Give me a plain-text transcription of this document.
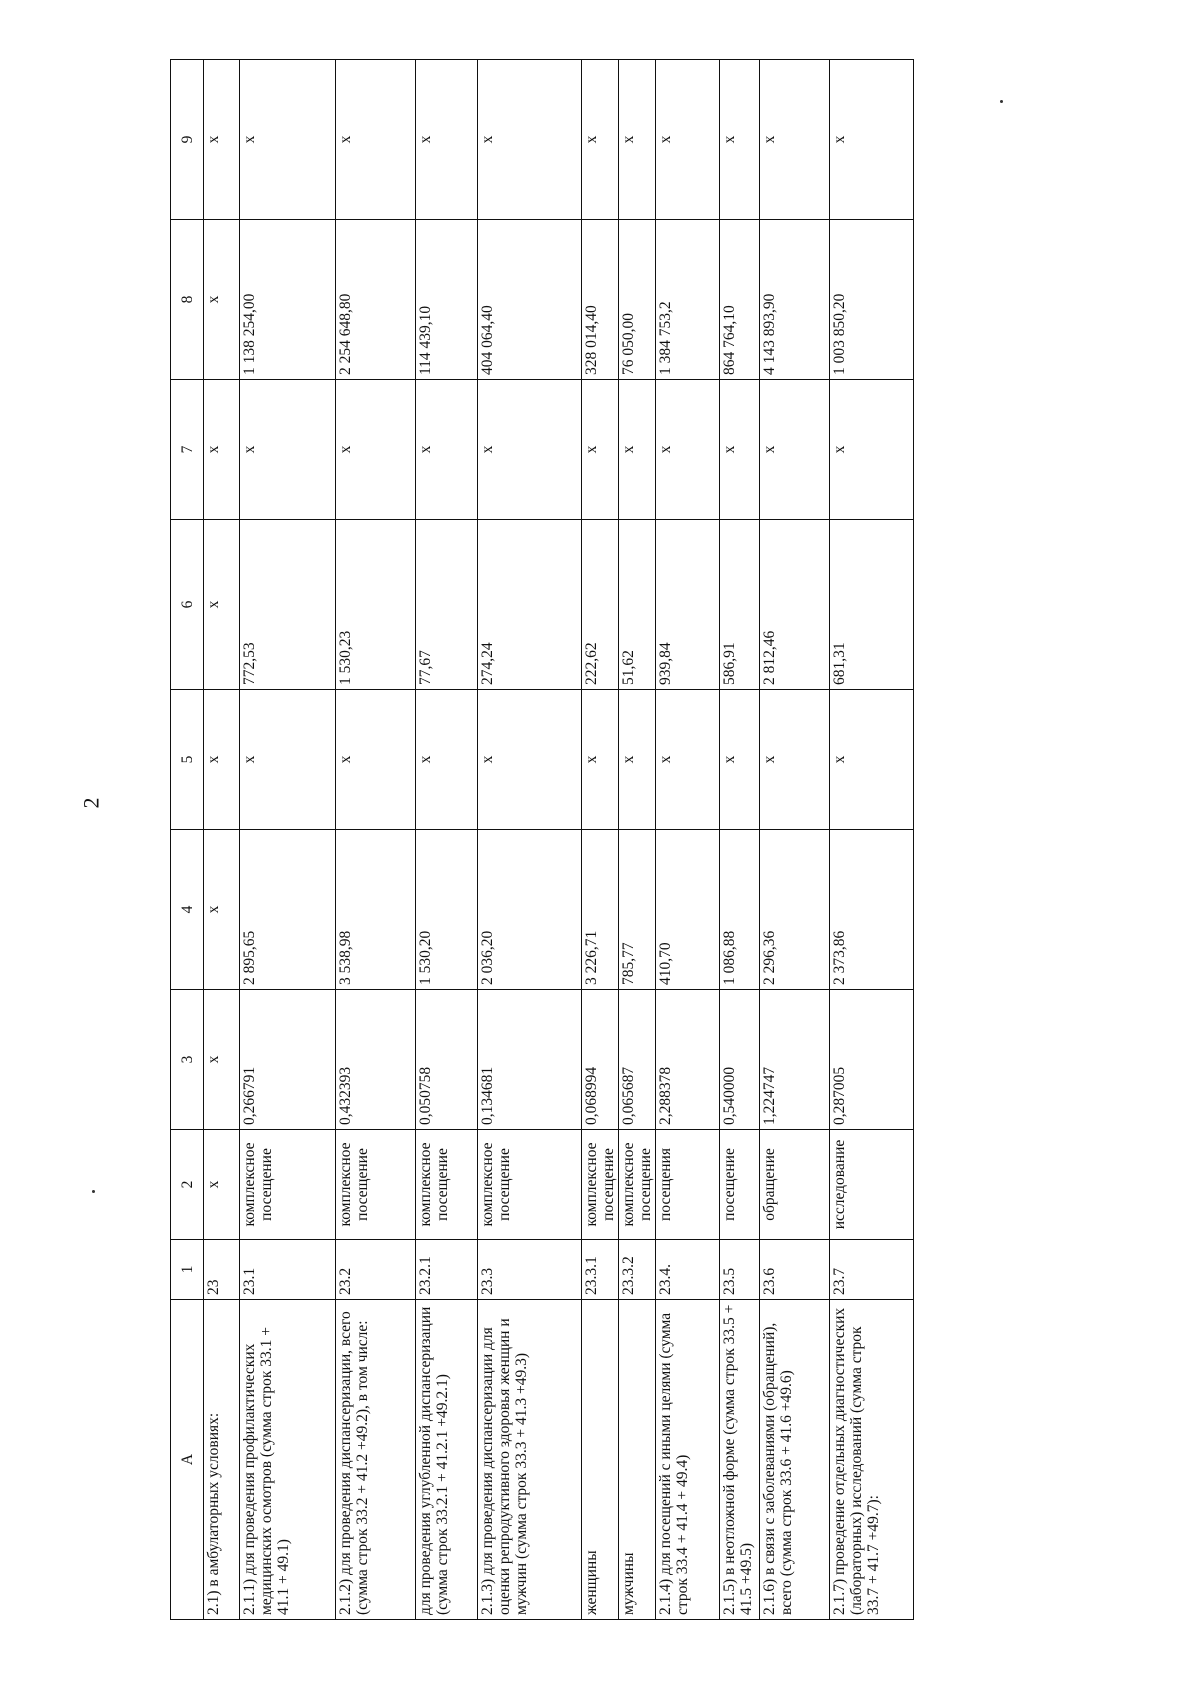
2
А	1	2	3	4	5	6	7	8	9
2.1) в амбулаторных условиях:	23	х	х	х	х	х	х	х	х
2.1.1) для проведения профилактических медицинских осмотров (сумма строк 33.1 + 41.1 + 49.1)	23.1	комплексное посещение	0,266791	2 895,65	х	772,53	х	1 138 254,00	х
2.1.2) для проведения диспансеризации, всего (сумма строк 33.2 + 41.2 +49.2), в том числе:	23.2	комплексное посещение	0,432393	3 538,98	х	1 530,23	х	2 254 648,80	х
для проведения углубленной диспансеризации (сумма строк 33.2.1 + 41.2.1 +49.2.1)	23.2.1	комплексное посещение	0,050758	1 530,20	х	77,67	х	114 439,10	х
2.1.3) для проведения диспансеризации для оценки репродуктивного здоровья женщин и мужчин (сумма строк 33.3 + 41.3 +49.3)	23.3	комплексное посещение	0,134681	2 036,20	х	274,24	х	404 064,40	х
женщины	23.3.1	комплексное посещение	0,068994	3 226,71	х	222,62	х	328 014,40	х
мужчины	23.3.2	комплексное посещение	0,065687	785,77	х	51,62	х	76 050,00	х
2.1.4) для посещений с иными целями (сумма строк 33.4 + 41.4 + 49.4)	23.4.	посещения	2,288378	410,70	х	939,84	х	1 384 753,2	х
2.1.5) в неотложной форме (сумма строк 33.5 + 41.5 +49.5)	23.5	посещение	0,540000	1 086,88	х	586,91	х	864 764,10	х
2.1.6) в связи с заболеваниями (обращений), всего (сумма строк 33.6 + 41.6 +49.6)	23.6	обращение	1,224747	2 296,36	х	2 812,46	х	4 143 893,90	х
2.1.7) проведение отдельных диагностических (лабораторных) исследований (сумма строк 33.7 + 41.7 +49.7):	23.7	исследование	0,287005	2 373,86	х	681,31	х	1 003 850,20	х
